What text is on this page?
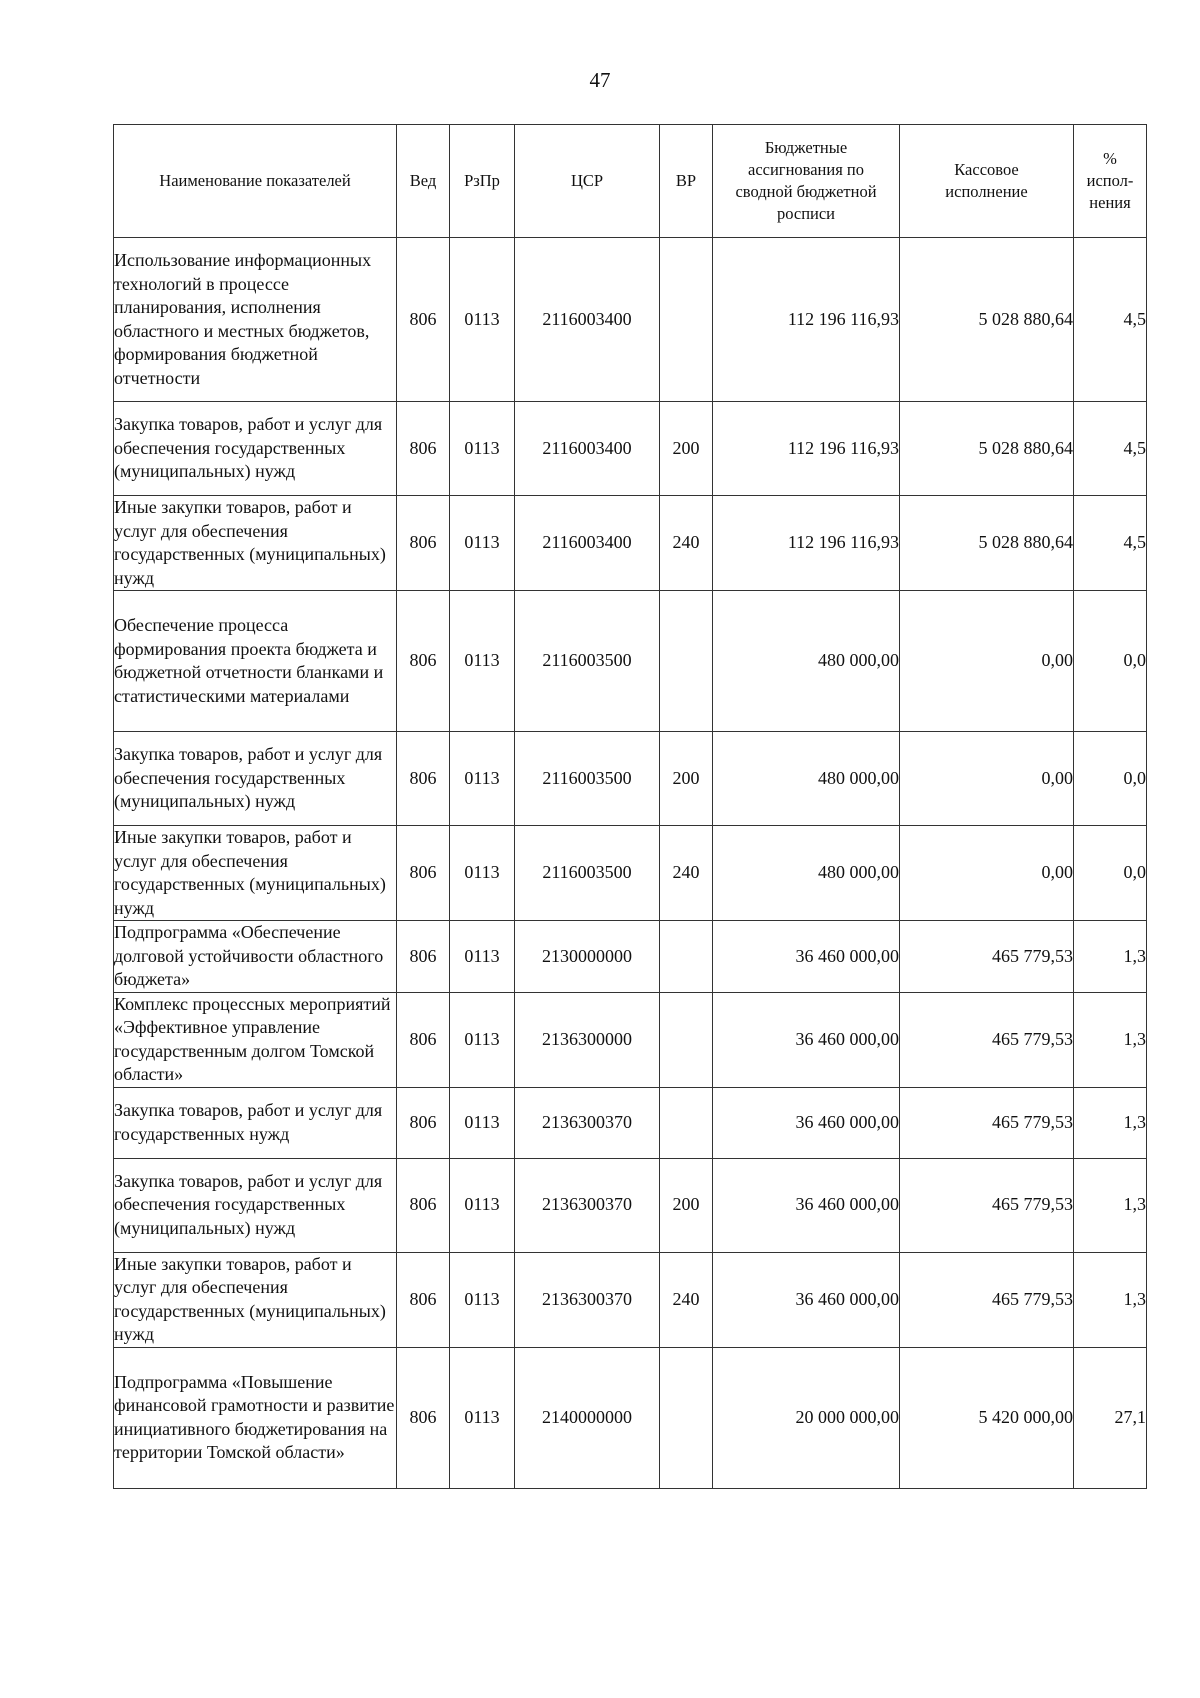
47
Наименование показателей	Вед	РзПр	ЦСР	ВР	Бюджетные ассигнования по сводной бюджетной росписи	Кассовое исполнение	% испол-нения
Использование информационных технологий в процессе планирования, исполнения областного и местных бюджетов, формирования бюджетной отчетности	806	0113	2116003400		112 196 116,93	5 028 880,64	4,5
Закупка товаров, работ и услуг для обеспечения государственных (муниципальных) нужд	806	0113	2116003400	200	112 196 116,93	5 028 880,64	4,5
Иные закупки товаров, работ и услуг для обеспечения государственных (муниципальных) нужд	806	0113	2116003400	240	112 196 116,93	5 028 880,64	4,5
Обеспечение процесса формирования проекта бюджета и бюджетной отчетности бланками и статистическими материалами	806	0113	2116003500		480 000,00	0,00	0,0
Закупка товаров, работ и услуг для обеспечения государственных (муниципальных) нужд	806	0113	2116003500	200	480 000,00	0,00	0,0
Иные закупки товаров, работ и услуг для обеспечения государственных (муниципальных) нужд	806	0113	2116003500	240	480 000,00	0,00	0,0
Подпрограмма «Обеспечение долговой устойчивости областного бюджета»	806	0113	2130000000		36 460 000,00	465 779,53	1,3
Комплекс процессных мероприятий «Эффективное управление государственным долгом Томской области»	806	0113	2136300000		36 460 000,00	465 779,53	1,3
Закупка товаров, работ и услуг для государственных нужд	806	0113	2136300370		36 460 000,00	465 779,53	1,3
Закупка товаров, работ и услуг для обеспечения государственных (муниципальных) нужд	806	0113	2136300370	200	36 460 000,00	465 779,53	1,3
Иные закупки товаров, работ и услуг для обеспечения государственных (муниципальных) нужд	806	0113	2136300370	240	36 460 000,00	465 779,53	1,3
Подпрограмма «Повышение финансовой грамотности и развитие инициативного бюджетирования на территории Томской области»	806	0113	2140000000		20 000 000,00	5 420 000,00	27,1
